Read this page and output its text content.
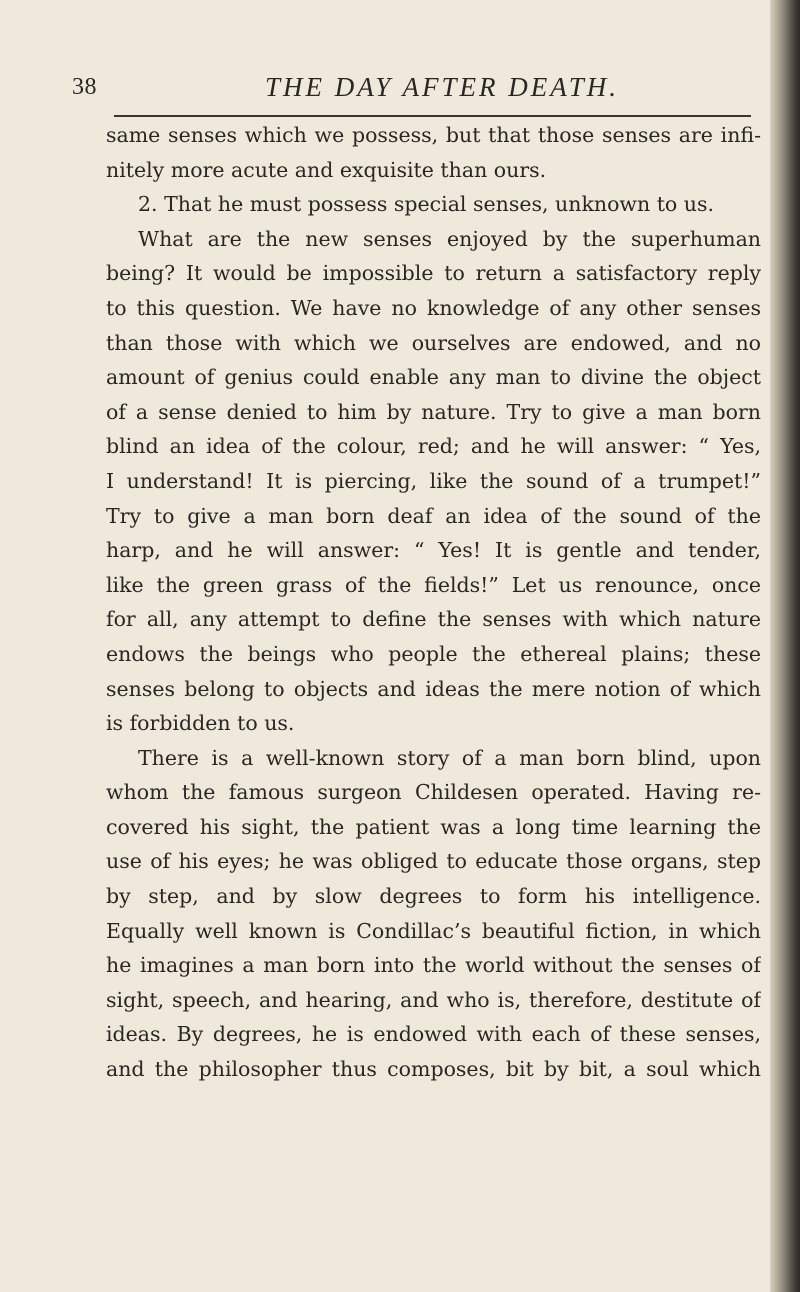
38	THE DAY AFTER DEATH.
same senses which we possess, but that those senses are infi-
nitely more acute and exquisite than ours.
2. That he must possess special senses, unknown to us.
What are the new senses enjoyed by the superhuman
being? It would be impossible to return a satisfactory reply
to this question. We have no knowledge of any other senses
than those with which we ourselves are endowed, and no
amount of genius could enable any man to divine the object
of a sense denied to him by nature. Try to give a man born
blind an idea of the colour, red; and he will answer: “ Yes,
I understand! It is piercing, like the sound of a trumpet!”
Try to give a man born deaf an idea of the sound of the
harp, and he will answer: “ Yes! It is gentle and tender,
like the green grass of the fields!” Let us renounce, once
for all, any attempt to define the senses with which nature
endows the beings who people the ethereal plains; these
senses belong to objects and ideas the mere notion of which
is forbidden to us.
There is a well-known story of a man born blind, upon
whom the famous surgeon Childesen operated. Having re-
covered his sight, the patient was a long time learning the
use of his eyes; he was obliged to educate those organs, step
by step, and by slow degrees to form his intelligence.
Equally well known is Condillac’s beautiful fiction, in which
he imagines a man born into the world without the senses of
sight, speech, and hearing, and who is, therefore, destitute of
ideas. By degrees, he is endowed with each of these senses,
and the philosopher thus composes, bit by bit, a soul which
